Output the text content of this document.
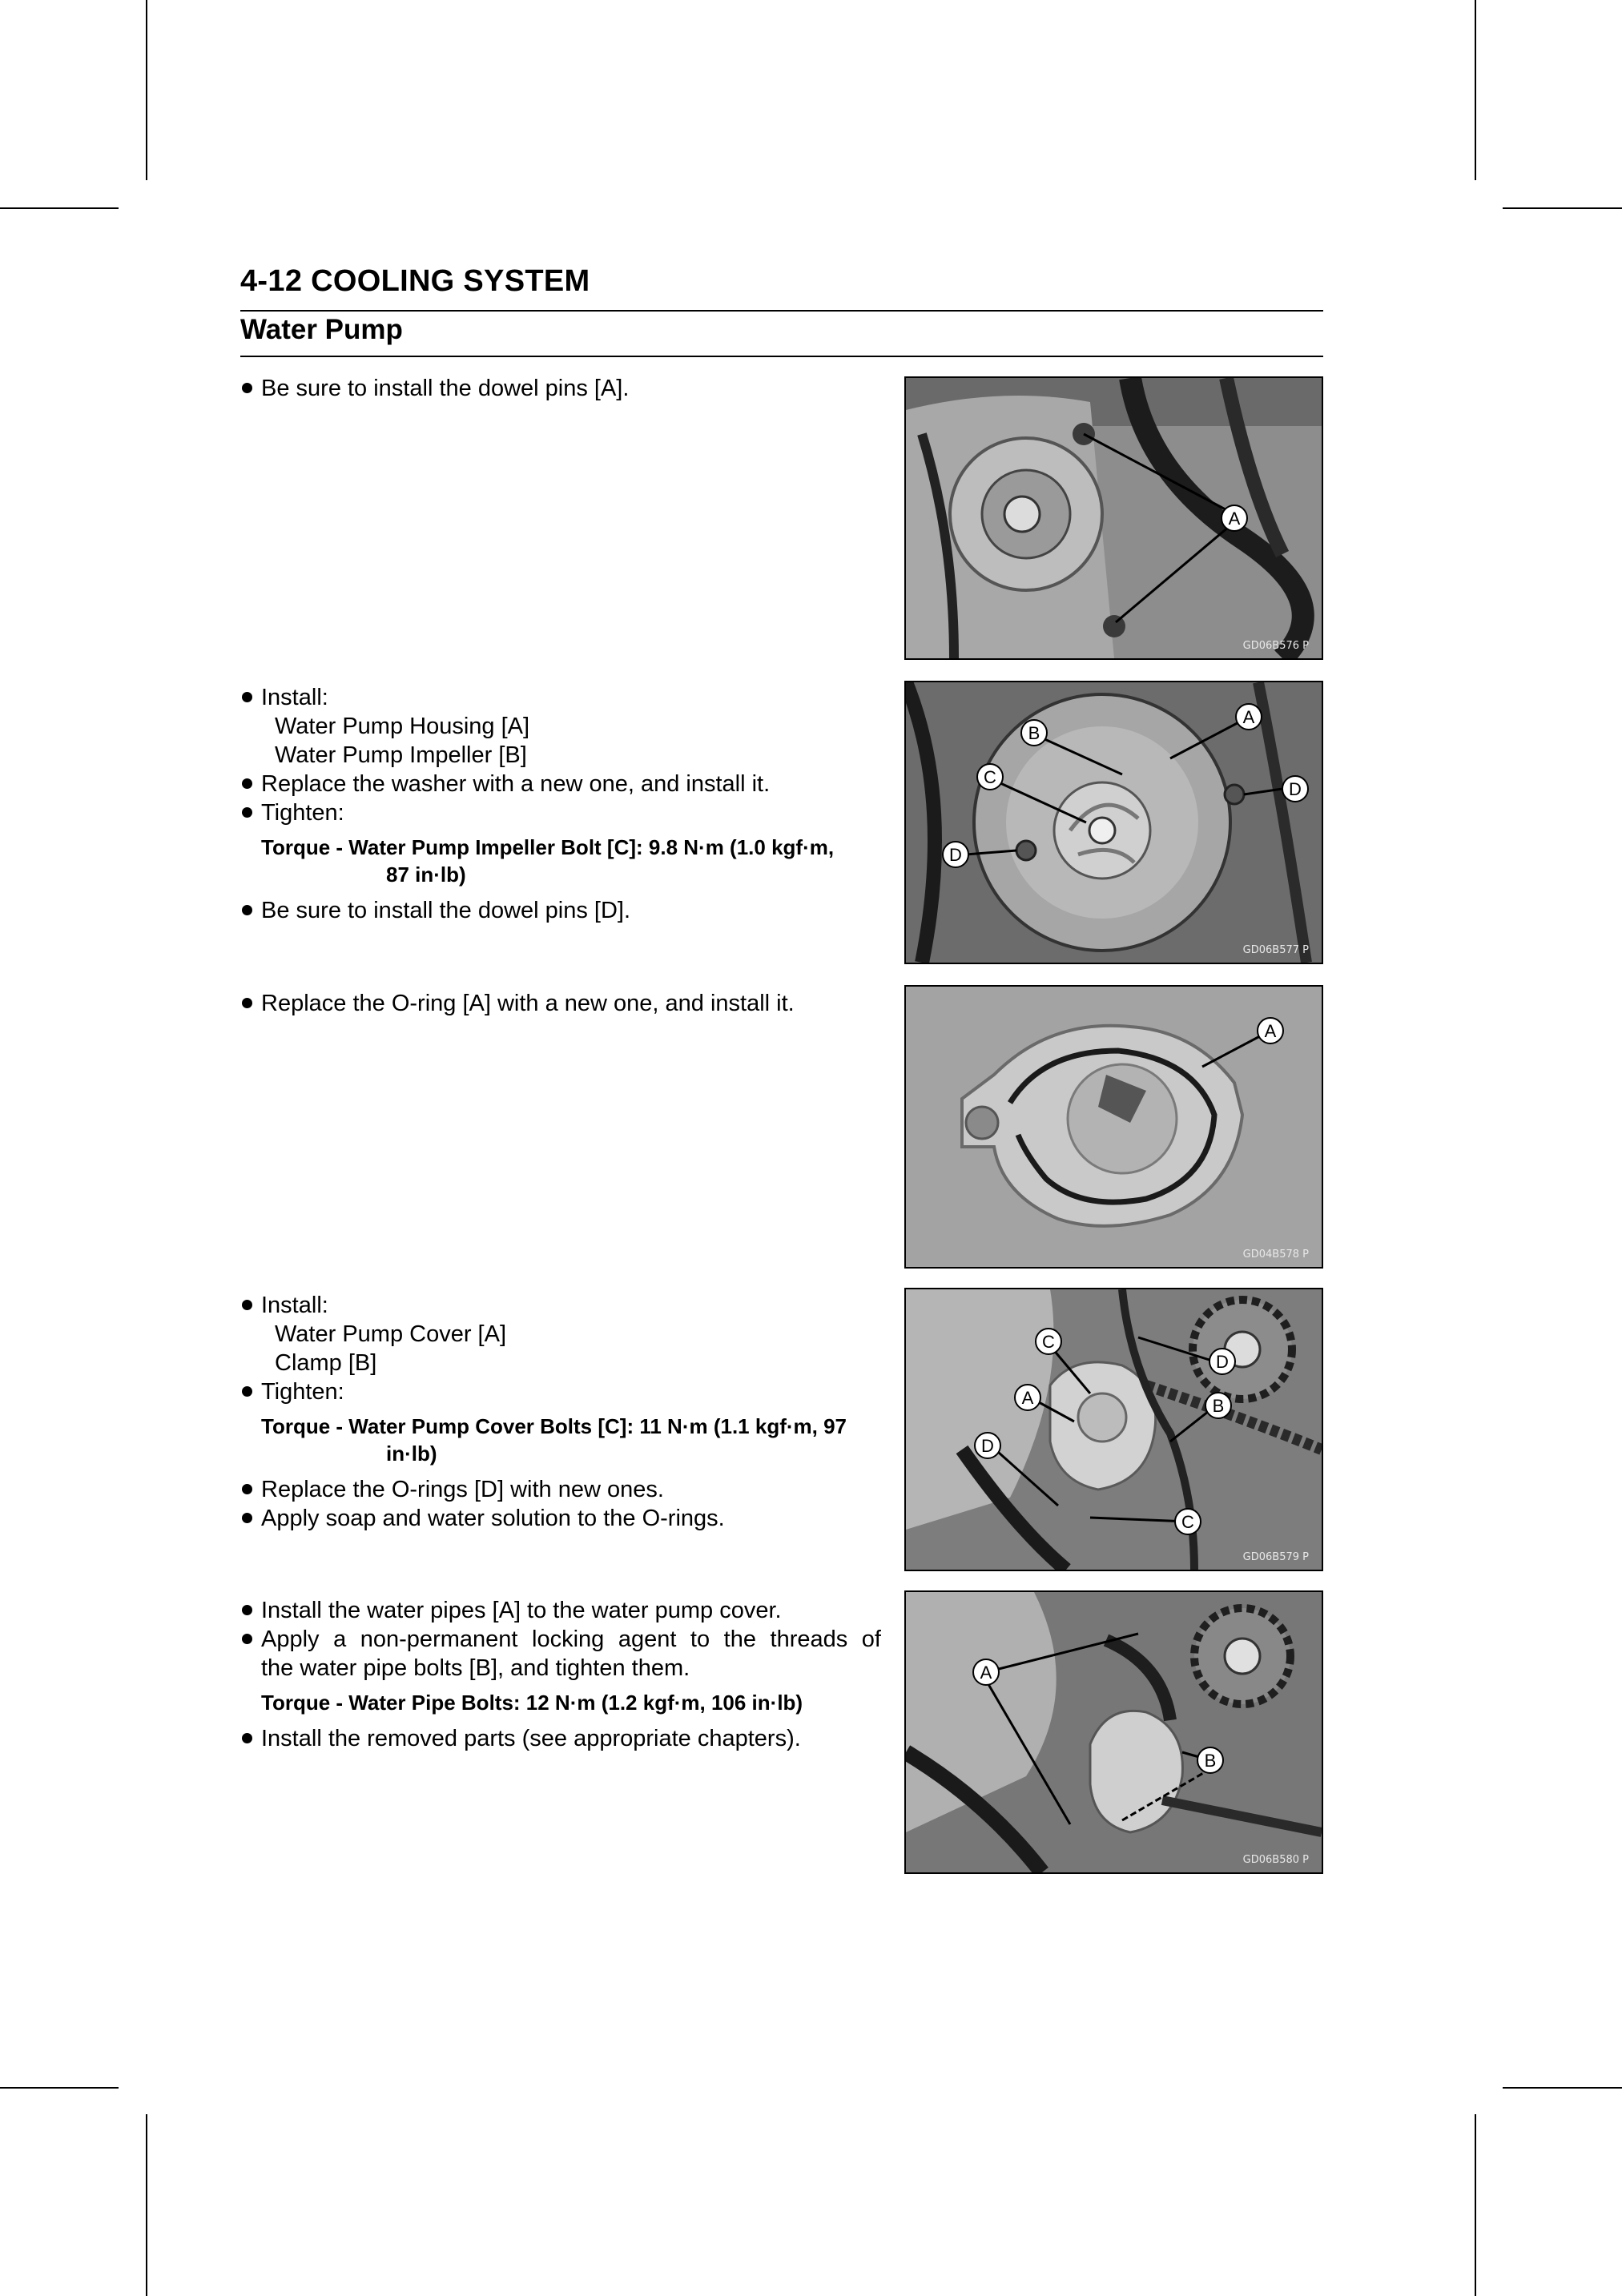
4-12 COOLING SYSTEM
Water Pump
Be sure to install the dowel pins [A].
A
GD06B576 P
Install:
Water Pump Housing [A]
Water Pump Impeller [B]
Replace the washer with a new one, and install it.
Tighten:
Torque - Water Pump Impeller Bolt [C]: 9.8 N·m (1.0 kgf·m,
87 in·lb)
Be sure to install the dowel pins [D].
B
A
C
D
D
GD06B577 P
Replace the O-ring [A] with a new one, and install it.
A
GD04B578 P
Install:
Water Pump Cover [A]
Clamp [B]
Tighten:
Torque - Water Pump Cover Bolts [C]: 11 N·m (1.1 kgf·m, 97
in·lb)
Replace the O-rings [D] with new ones.
Apply soap and water solution to the O-rings.
C
D
A	B
D
C
GD06B579 P
Install the water pipes [A] to the water pump cover.
Apply a non-permanent locking agent to the threads of
the water pipe bolts [B], and tighten them.
Torque - Water Pipe Bolts: 12 N·m (1.2 kgf·m, 106 in·lb)
Install the removed parts (see appropriate chapters).
A
B
GD06B580 P
